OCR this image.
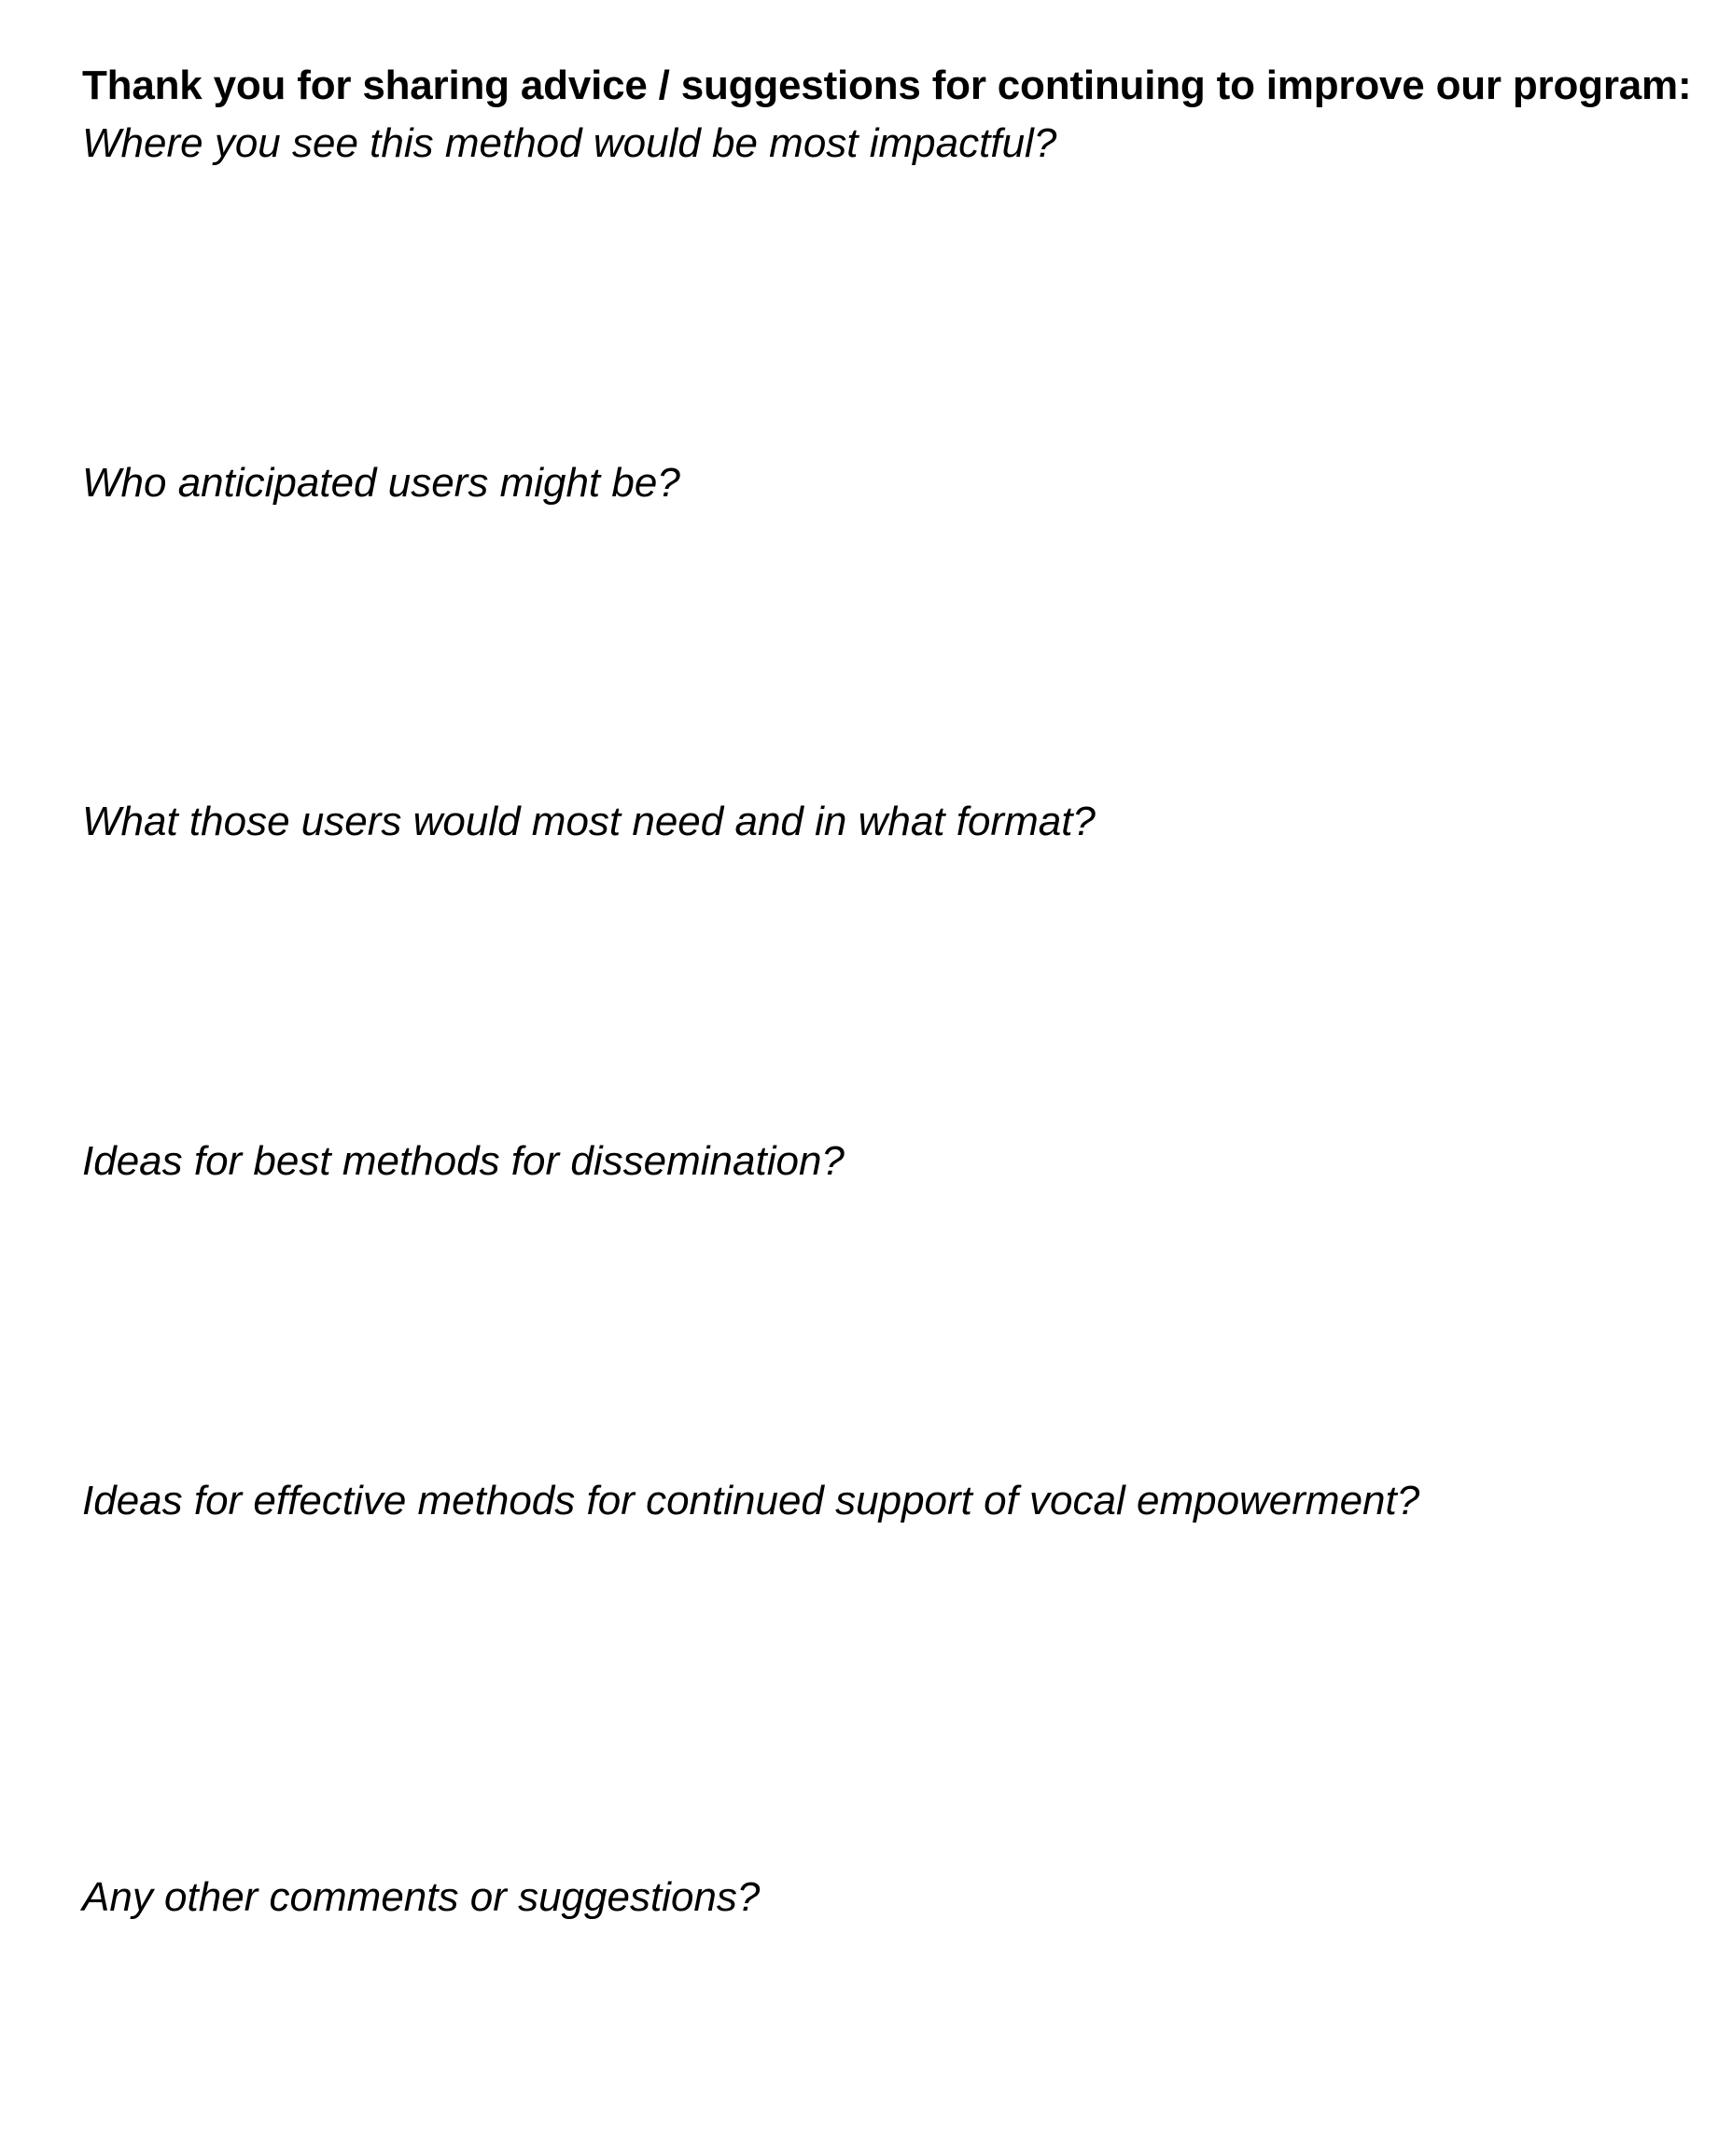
Thank you for sharing advice / suggestions for continuing to improve our program:
Where you see this method would be most impactful?
Who anticipated users might be?
What those users would most need and in what format?
Ideas for best methods for dissemination?
Ideas for effective methods for continued support of vocal empowerment?
Any other comments or suggestions?
